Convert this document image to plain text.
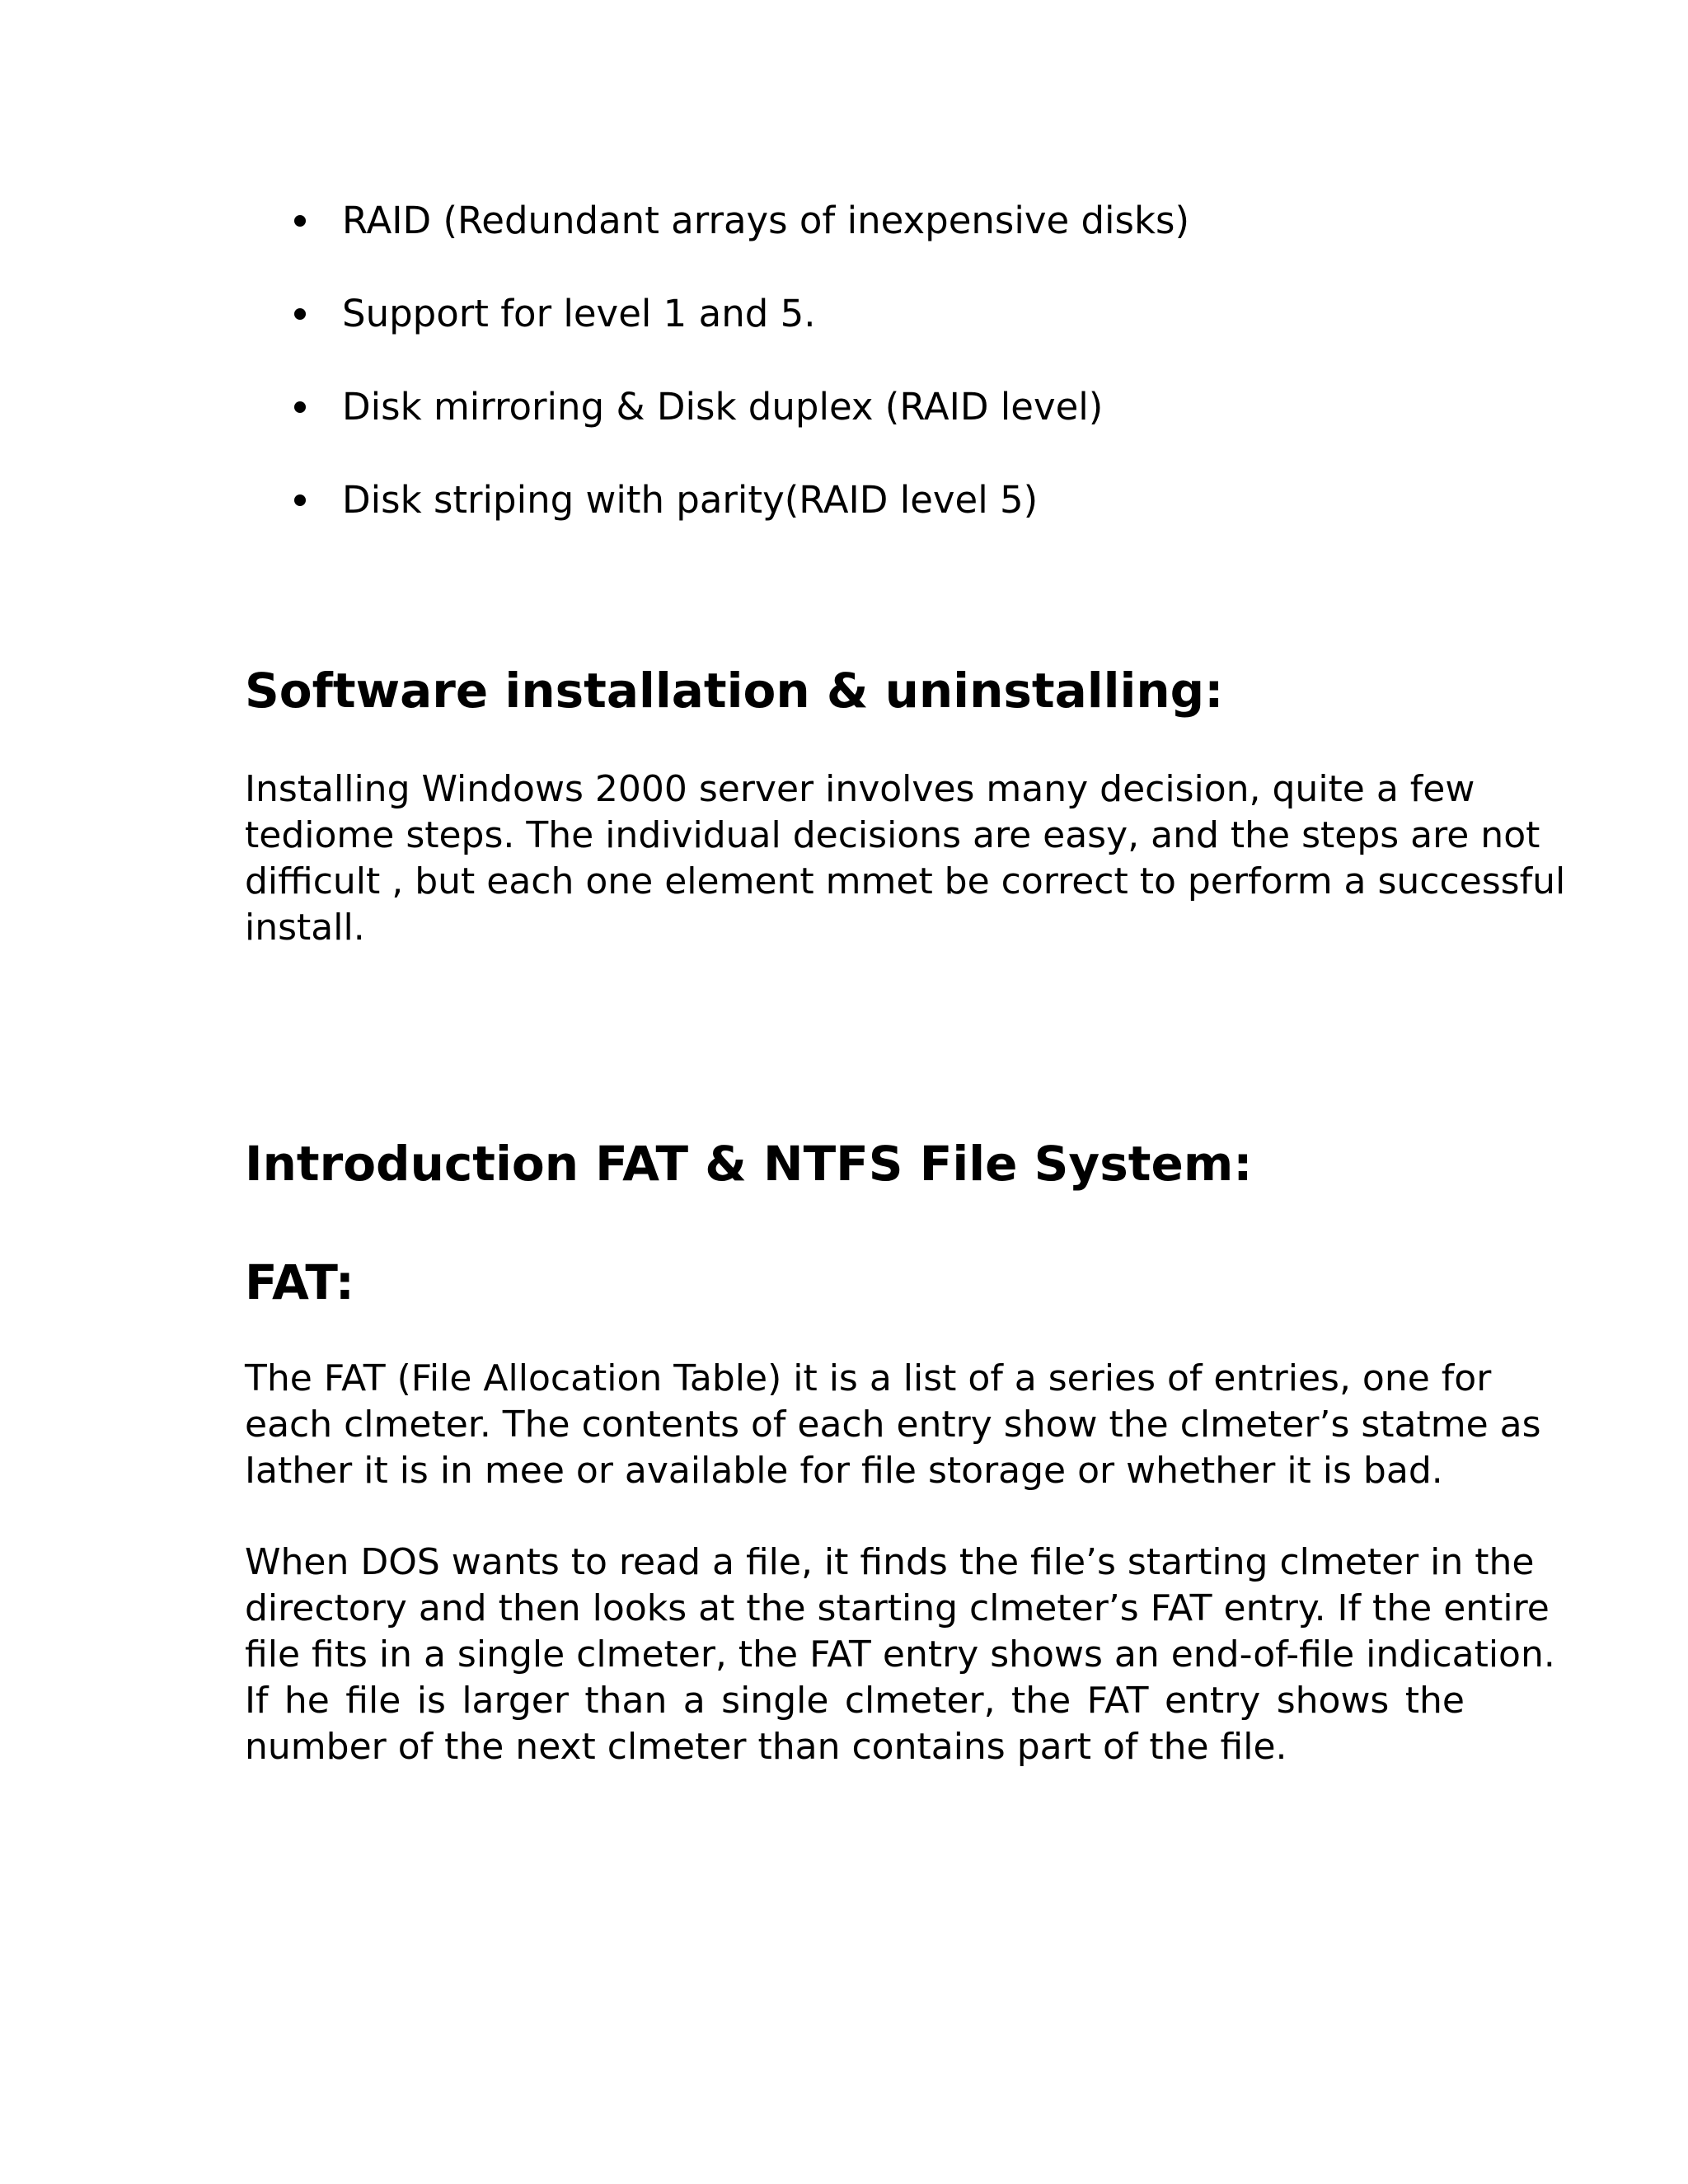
RAID (Redundant arrays of inexpensive disks)
Support for level 1 and 5.
Disk mirroring & Disk duplex (RAID level)
Disk striping with parity(RAID level 5)
Software installation & uninstalling:
Installing Windows 2000 server involves many decision, quite a few
tediome steps. The individual decisions are easy, and the steps are not
difficult , but each one element mmet be correct to perform a successful
install.
Introduction FAT & NTFS File System:
FAT:
The FAT (File Allocation Table) it is a list of a series of entries, one for
each clmeter. The contents of each entry show the clmeter’s statme as
Iather it is in mee or available for file storage or whether it is bad.
When DOS wants to read a file, it finds the file’s starting clmeter in the
directory and then looks at the starting clmeter’s FAT entry. If the entire
file fits in a single clmeter, the FAT entry shows an end-of-file indication.
If he file is larger than a single clmeter, the FAT entry shows the
number of the next clmeter than contains part of the file.
